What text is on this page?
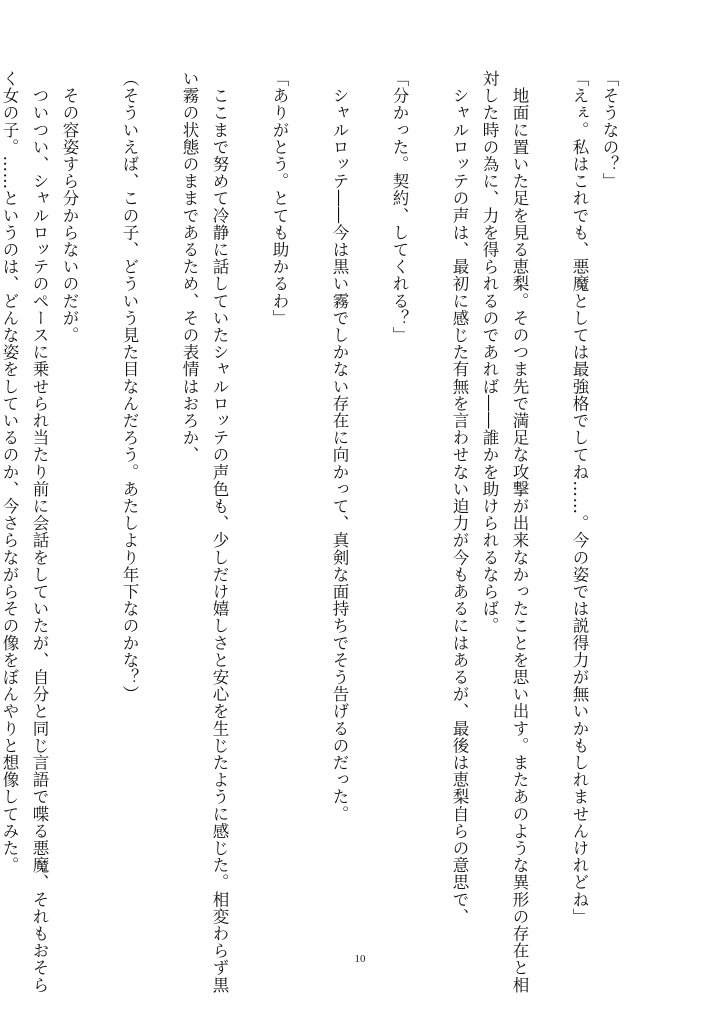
「そうなの？」
「えぇ。私はこれでも、悪魔としては最強格でしてね……。今の姿では説得力が無いかもしれませんけれどね」

　地面に置いた足を見る恵梨。そのつま先で満足な攻撃が出来なかったことを思い出す。またあのような異形の存在と相
対した時の為に、力を得られるのであれば――誰かを助けられるならば。
　シャルロッテの声は、最初に感じた有無を言わせない迫力が今もあるにはあるが、最後は恵梨自らの意思で、

「分かった。契約、してくれる？」

　シャルロッテ――今は黒い霧でしかない存在に向かって、真剣な面持ちでそう告げるのだった。

「ありがとう。とても助かるわ」

　ここまで努めて冷静に話していたシャルロッテの声色も、少しだけ嬉しさと安心を生じたように感じた。相変わらず黒
い霧の状態のままであるため、その表情はおろか、

（そういえば、この子、どういう見た目なんだろう。あたしより年下なのかな？）

　その容姿すら分からないのだが。
　ついつい、シャルロッテのペースに乗せられ当たり前に会話をしていたが、自分と同じ言語で喋る悪魔、それもおそら
く女の子。……というのは、どんな姿をしているのか、今さらながらその像をぼんやりと想像してみた。

10
